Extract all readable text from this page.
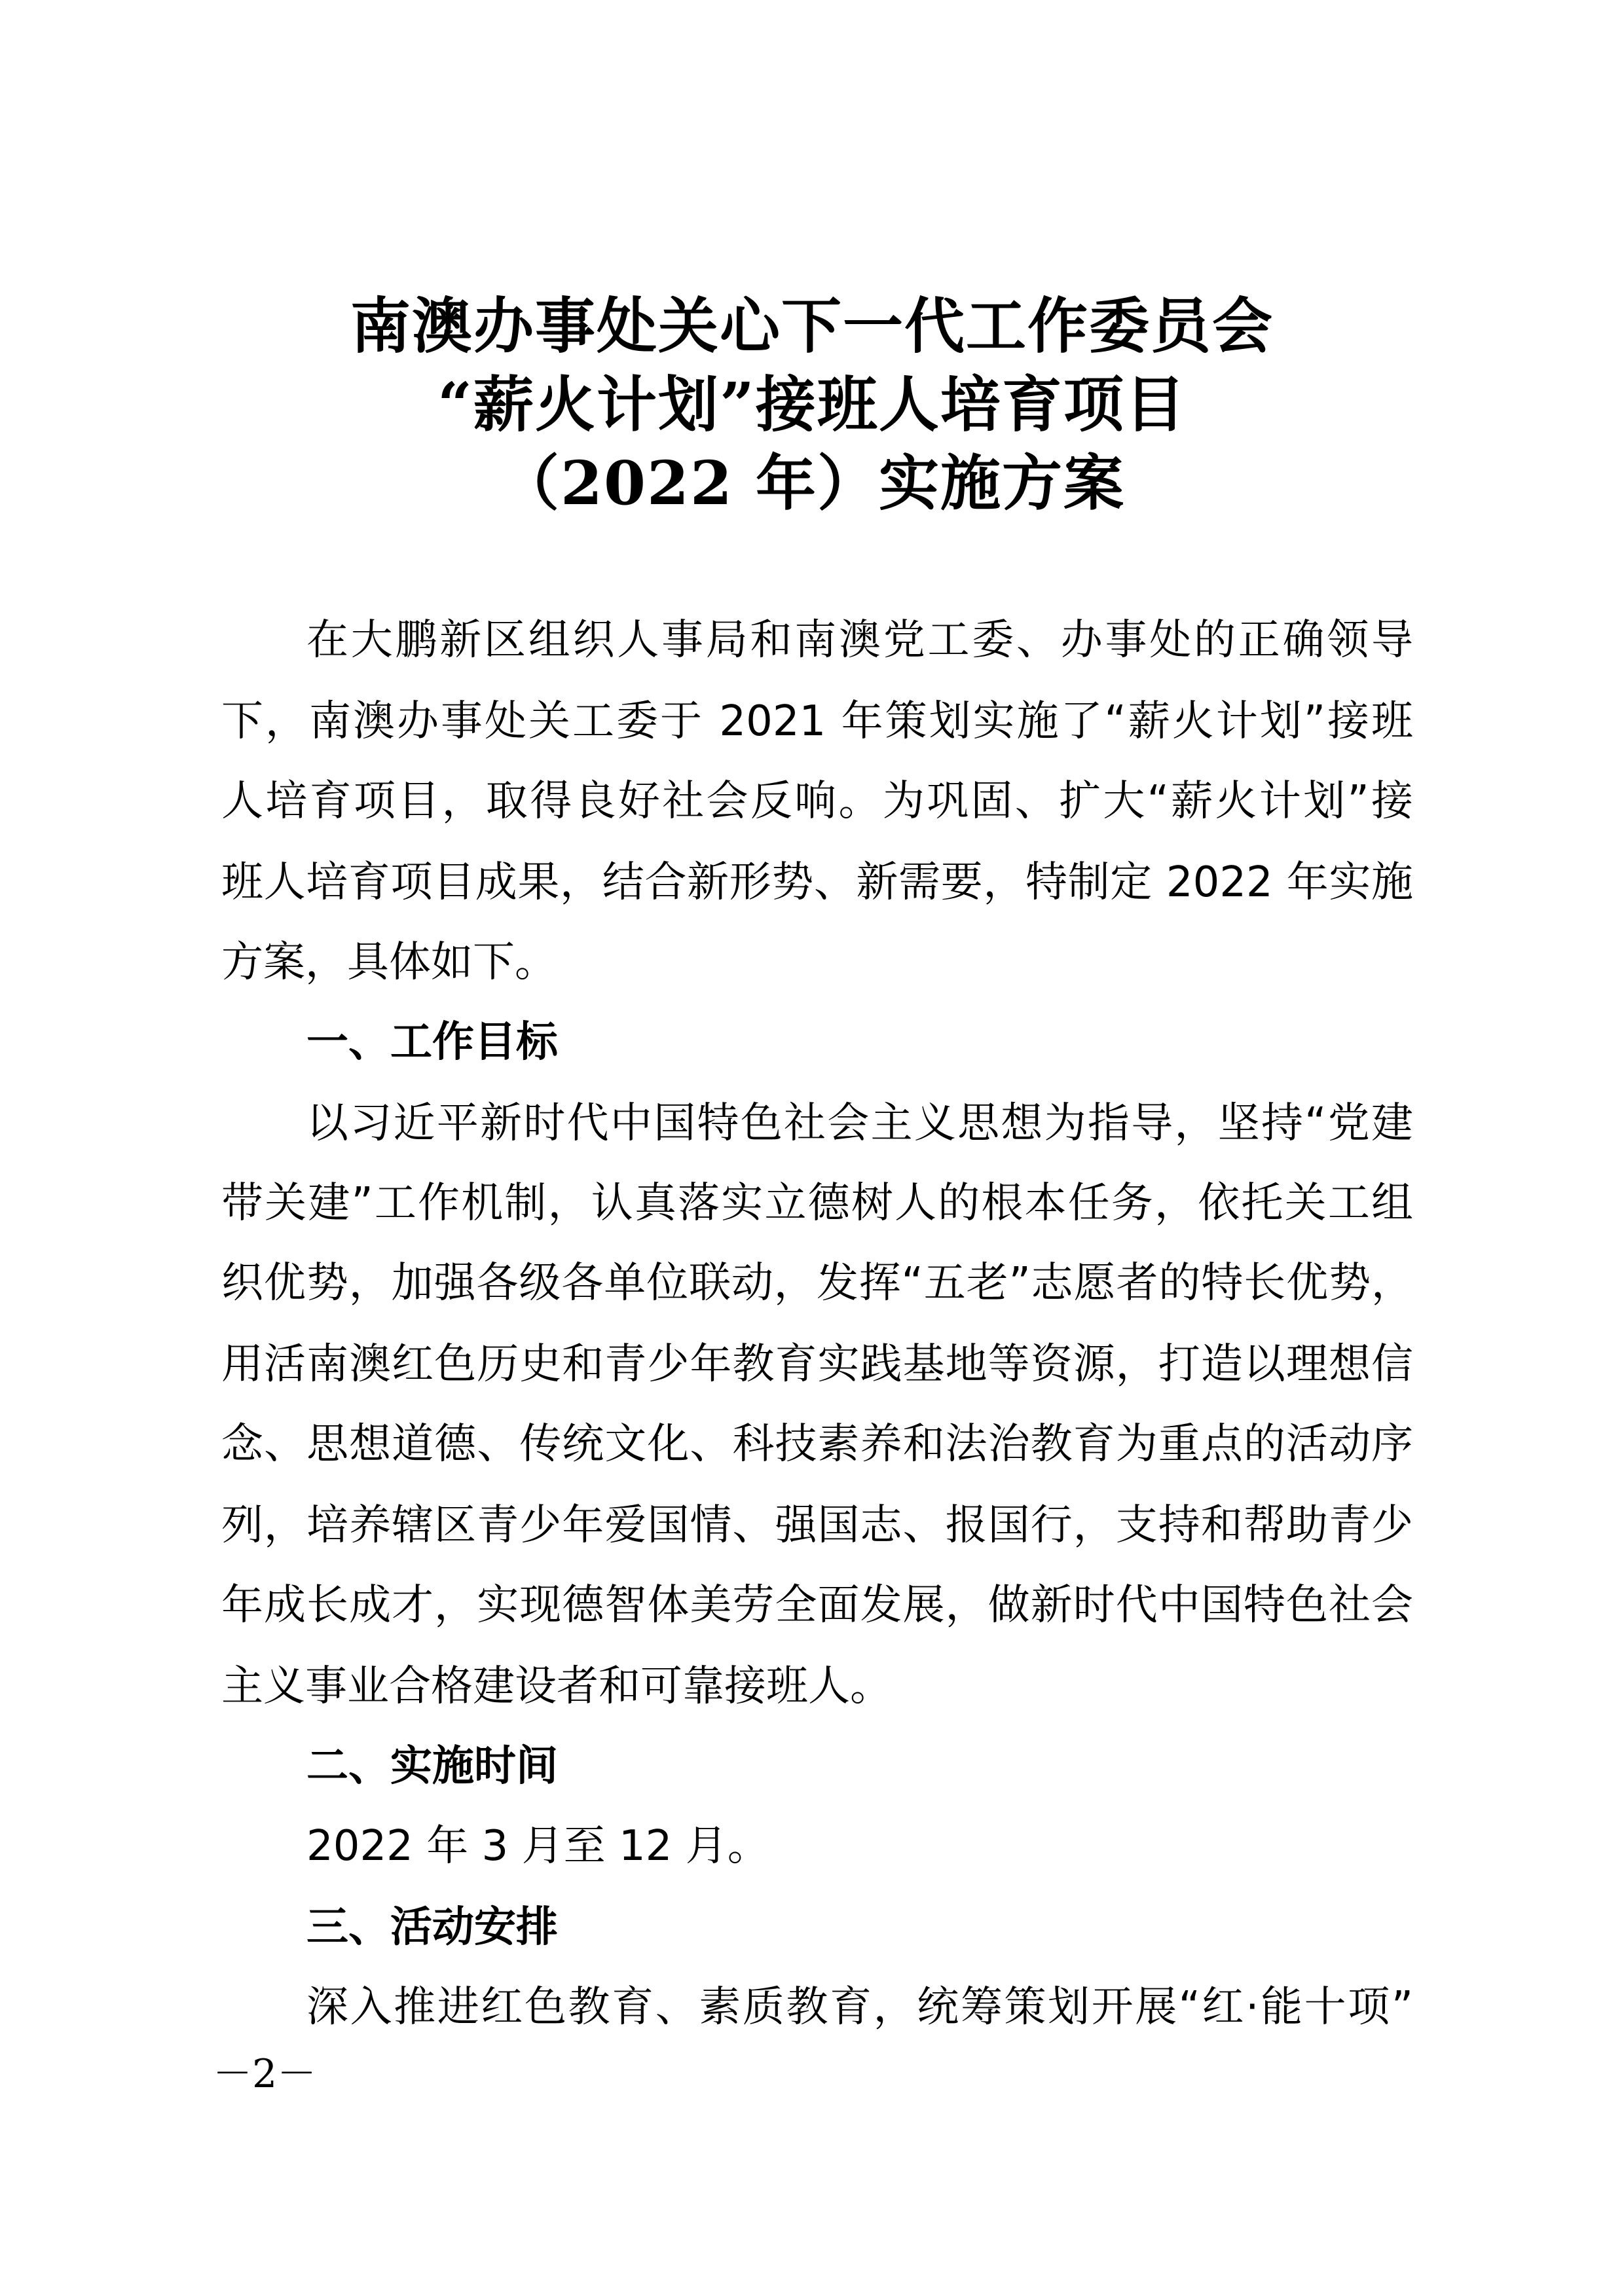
南澳办事处关心下一代工作委员会
“薪火计划”接班人培育项目
（2022 年）实施方案
在大鹏新区组织人事局和南澳党工委、办事处的正确领导
下，南澳办事处关工委于 2021 年策划实施了“薪火计划”接班
人培育项目，取得良好社会反响。为巩固、扩大“薪火计划”接
班人培育项目成果，结合新形势、新需要，特制定 2022 年实施
方案，具体如下。
一、工作目标
以习近平新时代中国特色社会主义思想为指导，坚持“党建
带关建”工作机制，认真落实立德树人的根本任务，依托关工组
织优势，加强各级各单位联动，发挥“五老”志愿者的特长优势，
用活南澳红色历史和青少年教育实践基地等资源，打造以理想信
念、思想道德、传统文化、科技素养和法治教育为重点的活动序
列，培养辖区青少年爱国情、强国志、报国行，支持和帮助青少
年成长成才，实现德智体美劳全面发展，做新时代中国特色社会
主义事业合格建设者和可靠接班人。
二、实施时间
2022 年 3 月至 12 月。
三、活动安排
深入推进红色教育、素质教育，统筹策划开展“红·能十项”
－2－
